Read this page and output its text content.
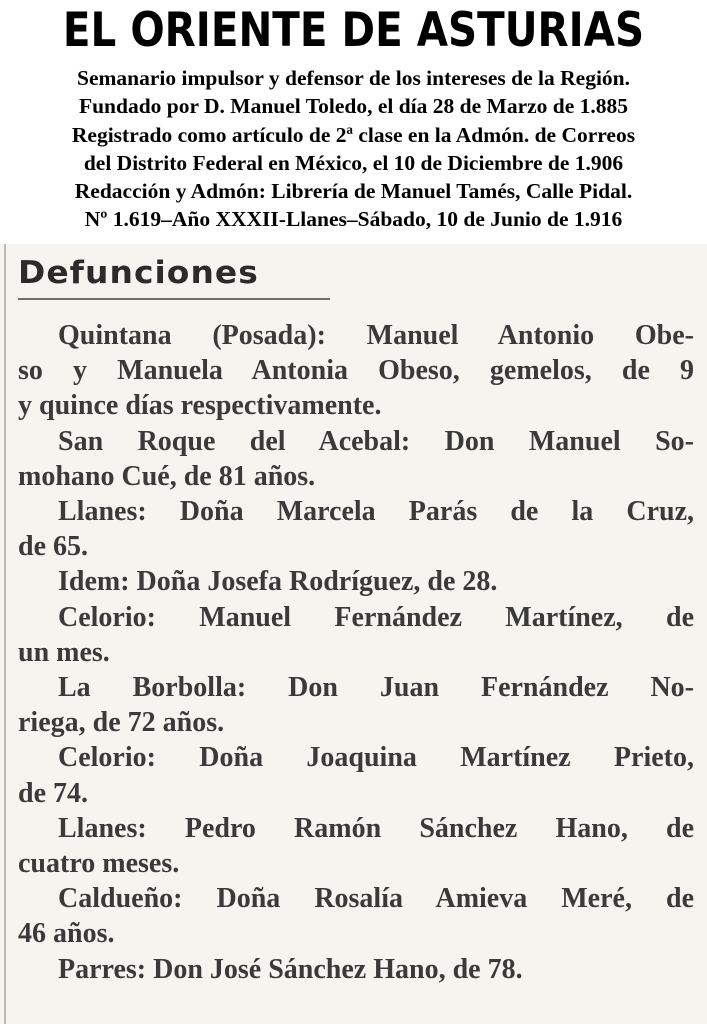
EL ORIENTE DE ASTURIAS
Semanario impulsor y defensor de los intereses de la Región.
Fundado por D. Manuel Toledo, el día 28 de Marzo de 1.885
Registrado como artículo de 2ª clase en la Admón. de Correos
del Distrito Federal en México, el 10 de Diciembre de 1.906
Redacción y Admón: Librería de Manuel Tamés, Calle Pidal.
Nº 1.619–Año XXXII-Llanes–Sábado, 10 de Junio de 1.916
Defunciones
Quintana (Posada): Manuel Antonio Obe-
so y Manuela Antonia Obeso, gemelos, de 9
y quince días respectivamente.
San Roque del Acebal: Don Manuel So-
mohano Cué, de 81 años.
Llanes: Doña Marcela Parás de la Cruz,
de 65.
Idem: Doña Josefa Rodríguez, de 28.
Celorio: Manuel Fernández Martínez, de
un mes.
La Borbolla: Don Juan Fernández No-
riega, de 72 años.
Celorio: Doña Joaquina Martínez Prieto,
de 74.
Llanes: Pedro Ramón Sánchez Hano, de
cuatro meses.
Caldueño: Doña Rosalía Amieva Meré, de
46 años.
Parres: Don José Sánchez Hano, de 78.
